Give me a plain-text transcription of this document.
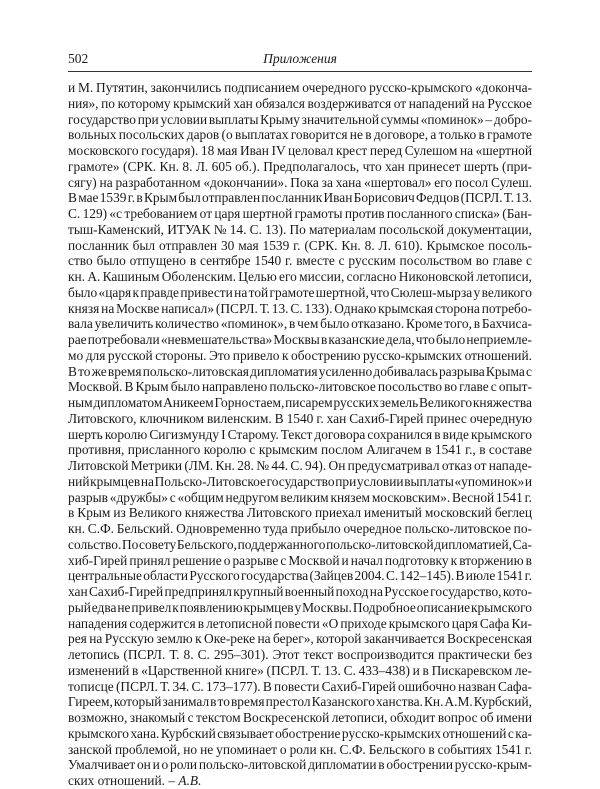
502	Приложения
и М. Путятин, закончились подписанием очередного русско-крымского «доконча-
ния», по которому крымский хан обязался воздерживатся от нападений на Русское
государство при условии выплаты Крыму значительной суммы «поминок» – добро-
вольных посольских даров (о выплатах говорится не в договоре, а только в грамоте
московского государя). 18 мая Иван IV целовал крест перед Сулешом на «шертной
грамоте» (СРК. Кн. 8. Л. 605 об.). Предполагалось, что хан принесет шерть (при-
сягу) на разработанном «докончании». Пока за хана «шертовал» его посол Сулеш.
В мае 1539 г. в Крым был отправлен посланник Иван Борисович Федцов (ПСРЛ. Т. 13.
С. 129) «с требованием от царя шертной грамоты против посланного списка» (Бан-
тыш-Каменский, ИТУАК № 14. С. 13). По материалам посольской документации,
посланник был отправлен 30 мая 1539 г. (СРК. Кн. 8. Л. 610). Крымское посоль-
ство было отпущено в сентябре 1540 г. вместе с русским посольством во главе с
кн. А. Кашиным Оболенским. Целью его миссии, согласно Никоновской летописи,
было «царя к правде привести на той грамоте шертной, что Сюлеш-мырза у великого
князя на Москве написал» (ПСРЛ. Т. 13. С. 133). Однако крымская сторона потребо-
вала увеличить количество «поминок», в чем было отказано. Кроме того, в Бахчиса-
рае потребовали «невмешательства» Москвы в казанские дела, что было неприемле-
мо для русской стороны. Это привело к обострению русско-крымских отношений.
В то же время польско-литовская дипломатия усиленно добивалась разрыва Крыма с
Москвой. В Крым было направлено польско-литовское посольство во главе с опыт-
ным дипломатом Аникеем Горностаем, писарем русских земель Великого княжества
Литовского, ключником виленским. В 1540 г. хан Сахиб-Гирей принес очередную
шерть королю Сигизмунду I Старому. Текст договора сохранился в виде крымского
противня, присланного королю с крымским послом Алигачем в 1541 г., в составе
Литовской Метрики (ЛМ. Кн. 28. № 44. С. 94). Он предусматривал отказ от нападе-
ний крымцев на Польско-Литовское государство при условии выплаты «упоминок» и
разрыв «дружбы» с «общим недругом великим князем московским». Весной 1541 г.
в Крым из Великого княжества Литовского приехал именитый московский беглец
кн. С.Ф. Бельский. Одновременно туда прибыло очередное польско-литовское по-
сольство. По совету Бельского, поддержанного польско-литовской дипломатией, Са-
хиб-Гирей принял решение о разрыве с Москвой и начал подготовку к вторжению в
центральные области Русского государства (Зайцев 2004. С. 142–145). В июле 1541 г.
хан Сахиб-Гирей предпринял крупный военный поход на Русское государство, кото-
рый едва не привел к появлению крымцев у Москвы. Подробное описание крымского
нападения содержится в летописной повести «О приходе крымского царя Сафа Ки-
рея на Русскую землю к Оке-реке на берег», которой заканчивается Воскресенская
летопись (ПСРЛ. Т. 8. С. 295–301). Этот текст воспроизводится практически без
изменений в «Царственной книге» (ПСРЛ. Т. 13. С. 433–438) и в Пискаревском ле-
тописце (ПСРЛ. Т. 34. С. 173–177). В повести Сахиб-Гирей ошибочно назван Сафа-
Гиреем, который занимал в то время престол Казанского ханства. Кн. А.М. Курбский,
возможно, знакомый с текстом Воскресенской летописи, обходит вопрос об имени
крымского хана. Курбский связывает обострение русско-крымских отношений с ка-
занской проблемой, но не упоминает о роли кн. С.Ф. Бельского в событиях 1541 г.
Умалчивает он и о роли польско-литовской дипломатии в обострении русско-крым-
ских отношений. – А.В.
